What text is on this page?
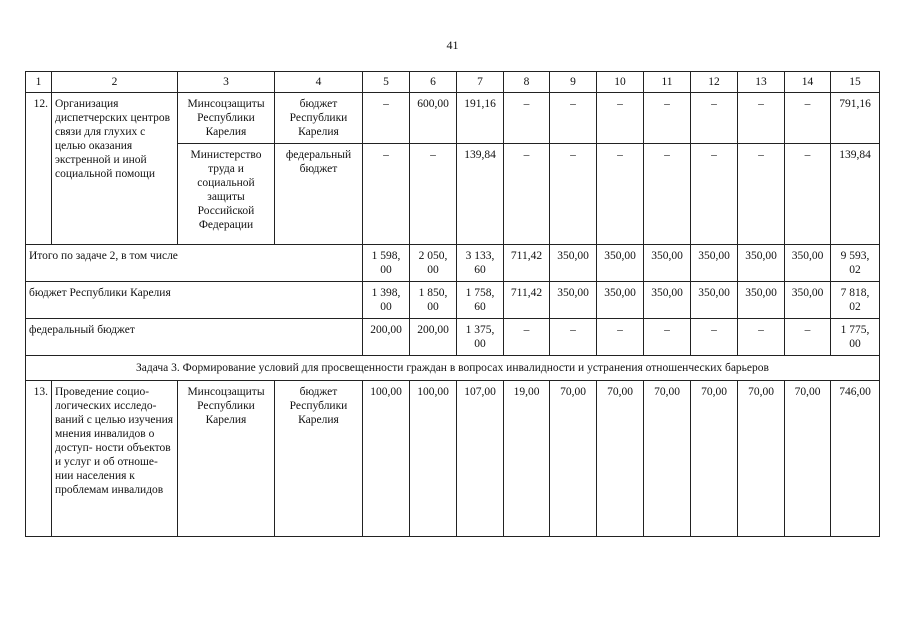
41
1	2	3	4	5	6	7	8	9	10	11	12	13	14	15
12.	Организация диспетчерских центров связи для глухих с целью оказания экстренной и иной социальной помощи	Минсоцзащиты Республики Карелия	бюджет Республики Карелия	–	600,00	191,16	–	–	–	–	–	–	–	791,16
		Министерство труда и социальной защиты Российской Федерации	федеральный бюджет	–	–	139,84	–	–	–	–	–	–	–	139,84
Итого по задаче 2, в том числе				1 598, 00	2 050, 00	3 133, 60	711,42	350,00	350,00	350,00	350,00	350,00	350,00	9 593, 02
бюджет Республики Карелия				1 398, 00	1 850, 00	1 758, 60	711,42	350,00	350,00	350,00	350,00	350,00	350,00	7 818, 02
федеральный бюджет				200,00	200,00	1 375, 00	–	–	–	–	–	–	–	1 775, 00
Задача 3. Формирование условий для просвещенности граждан в вопросах инвалидности и устранения отношенческих барьеров														
13.	Проведение социо- логических исследо- ваний с целью изучения мнения инвалидов о доступ- ности объектов и услуг и об отноше- нии населения к проблемам инвалидов	Минсоцзащиты Республики Карелия	бюджет Республики Карелия	100,00	100,00	107,00	19,00	70,00	70,00	70,00	70,00	70,00	70,00	746,00
